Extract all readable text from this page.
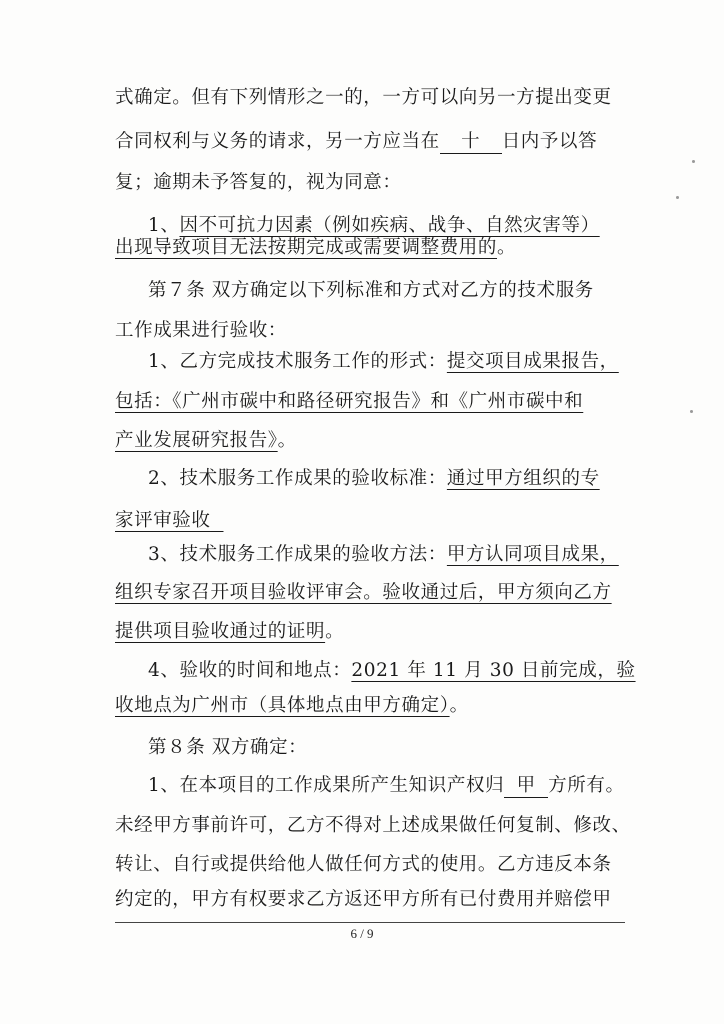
式确定。但有下列情形之一的，一方可以向另一方提出变更
合同权利与义务的请求，另一方应当在 十 日内予以答
复；逾期未予答复的，视为同意：
1、因不可抗力因素（例如疾病、战争、自然灾害等）
出现导致项目无法按期完成或需要调整费用的。
第７条 双方确定以下列标准和方式对乙方的技术服务
工作成果进行验收：
1、乙方完成技术服务工作的形式：提交项目成果报告，
包括：《广州市碳中和路径研究报告》和《广州市碳中和
产业发展研究报告》。
2、技术服务工作成果的验收标准：通过甲方组织的专
家评审验收
3、技术服务工作成果的验收方法：甲方认同项目成果，
组织专家召开项目验收评审会。验收通过后，甲方须向乙方
提供项目验收通过的证明。
4、验收的时间和地点：2021 年 11 月 30 日前完成，验
收地点为广州市（具体地点由甲方确定）。
第８条 双方确定：
1、在本项目的工作成果所产生知识产权归 甲 方所有。
未经甲方事前许可，乙方不得对上述成果做任何复制、修改、
转让、自行或提供给他人做任何方式的使用。乙方违反本条
约定的，甲方有权要求乙方返还甲方所有已付费用并赔偿甲
6 / 9
